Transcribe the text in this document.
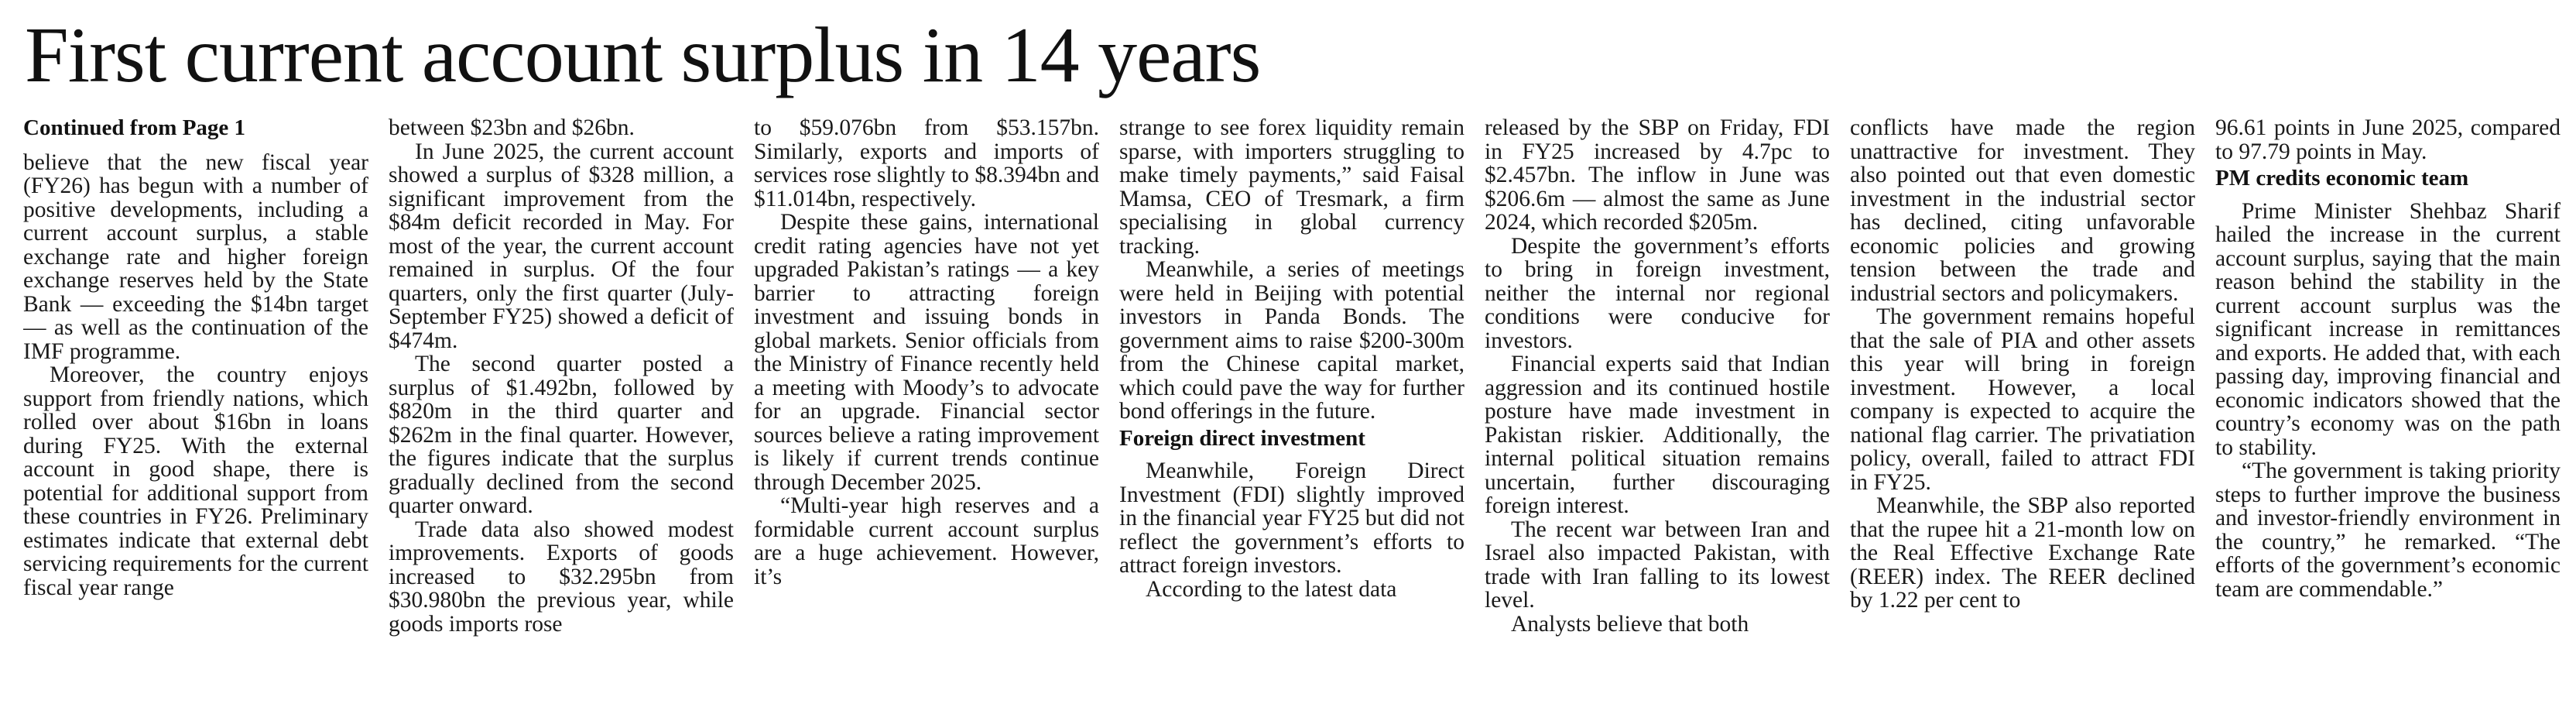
First current account surplus in 14 years
Continued from Page 1

believe that the new fiscal year (FY26) has begun with a number of positive developments, including a current account surplus, a stable exchange rate and higher foreign exchange reserves held by the State Bank — exceeding the $14bn target — as well as the continuation of the IMF programme.

Moreover, the country enjoys support from friendly nations, which rolled over about $16bn in loans during FY25. With the external account in good shape, there is potential for additional support from these countries in FY26. Preliminary estimates indicate that external debt servicing requirements for the current fiscal year range

between $23bn and $26bn.

In June 2025, the current account showed a surplus of $328 million, a significant improvement from the $84m deficit recorded in May. For most of the year, the current account remained in surplus. Of the four quarters, only the first quarter (July-September FY25) showed a deficit of $474m.

The second quarter posted a surplus of $1.492bn, followed by $820m in the third quarter and $262m in the final quarter. However, the figures indicate that the surplus gradually declined from the second quarter onward.

Trade data also showed modest improvements. Exports of goods increased to $32.295bn from $30.980bn the previous year, while goods imports rose

to $59.076bn from $53.157bn. Similarly, exports and imports of services rose slightly to $8.394bn and $11.014bn, respectively.

Despite these gains, international credit rating agencies have not yet upgraded Pakistan’s ratings — a key barrier to attracting foreign investment and issuing bonds in global markets. Senior officials from the Ministry of Finance recently held a meeting with Moody’s to advocate for an upgrade. Financial sector sources believe a rating improvement is likely if current trends continue through December 2025.

“Multi-year high reserves and a formidable current account surplus are a huge achievement. However, it’s

strange to see forex liquidity remain sparse, with importers struggling to make timely payments,” said Faisal Mamsa, CEO of Tresmark, a firm specialising in global currency tracking.

Meanwhile, a series of meetings were held in Beijing with potential investors in Panda Bonds. The government aims to raise $200-300m from the Chinese capital market, which could pave the way for further bond offerings in the future.

Foreign direct investment

Meanwhile, Foreign Direct Investment (FDI) slightly improved in the financial year FY25 but did not reflect the government’s efforts to attract foreign investors.

According to the latest data

released by the SBP on Friday, FDI in FY25 increased by 4.7pc to $2.457bn. The inflow in June was $206.6m — almost the same as June 2024, which recorded $205m.

Despite the government’s efforts to bring in foreign investment, neither the internal nor regional conditions were conducive for investors.

Financial experts said that Indian aggression and its continued hostile posture have made investment in Pakistan riskier. Additionally, the internal political situation remains uncertain, further discouraging foreign interest.

The recent war between Iran and Israel also impacted Pakistan, with trade with Iran falling to its lowest level.

Analysts believe that both

conflicts have made the region unattractive for investment. They also pointed out that even domestic investment in the industrial sector has declined, citing unfavorable economic policies and growing tension between the trade and industrial sectors and policymakers.

The government remains hopeful that the sale of PIA and other assets this year will bring in foreign investment. However, a local company is expected to acquire the national flag carrier. The privatiation policy, overall, failed to attract FDI in FY25.

Meanwhile, the SBP also reported that the rupee hit a 21-month low on the Real Effective Exchange Rate (REER) index. The REER declined by 1.22 per cent to

96.61 points in June 2025, compared to 97.79 points in May.

PM credits economic team

Prime Minister Shehbaz Sharif hailed the increase in the current account surplus, saying that the main reason behind the stability in the current account surplus was the significant increase in remittances and exports. He added that, with each passing day, improving financial and economic indicators showed that the country’s economy was on the path to stability.

“The government is taking priority steps to further improve the business and investor-friendly environment in the country,” he remarked. “The efforts of the government’s economic team are commendable.”
